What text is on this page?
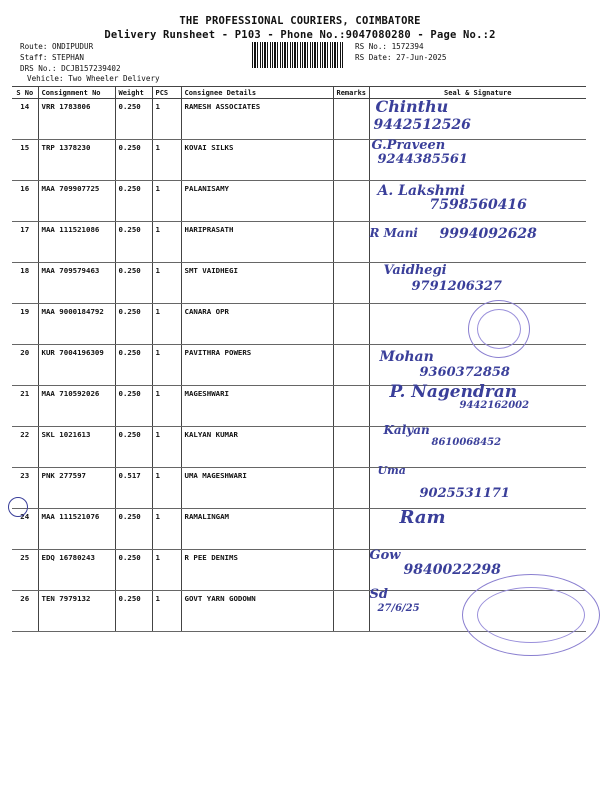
THE PROFESSIONAL COURIERS, COIMBATORE
Delivery Runsheet - P103 - Phone No.:9047080280 - Page No.:2
Route: ONDIPUDUR
Staff: STEPHAN
DRS No.: DCJB157239402
Vehicle: Two Wheeler Delivery
RS No.: 1572394
RS Date: 27-Jun-2025
S No	Consignment No	Weight	PCS	Consignee Details	Remarks	Seal & Signature
14	VRR 1783806	0.250	1	RAMESH ASSOCIATES		Chinthu
9442512526

15	TRP 1378230	0.250	1	KOVAI SILKS		G.Praveen
9244385561

16	MAA 709907725	0.250	1	PALANISAMY		A. Lakshmi
7598560416

17	MAA 111521086	0.250	1	HARIPRASATH		R Mani 9994092628

18	MAA 709579463	0.250	1	SMT VAIDHEGI		Vaidhegi
9791206327

19	MAA 9000184792	0.250	1	CANARA OPR		
20	KUR 7004196309	0.250	1	PAVITHRA POWERS		Mohan
9360372858

21	MAA 710592026	0.250	1	MAGESHWARI		P. Nagendran
9442162002

22	SKL 1021613	0.250	1	KALYAN KUMAR		Kalyan
8610068452

23	PNK 277597	0.517	1	UMA MAGESHWARI		Uma
9025531171

24	MAA 111521076	0.250	1	RAMALINGAM		Ram

25	EDQ 16780243	0.250	1	R PEE DENIMS		Gow
9840022298

26	TEN 7979132	0.250	1	GOVT YARN GODOWN		Sd
27/6/25
